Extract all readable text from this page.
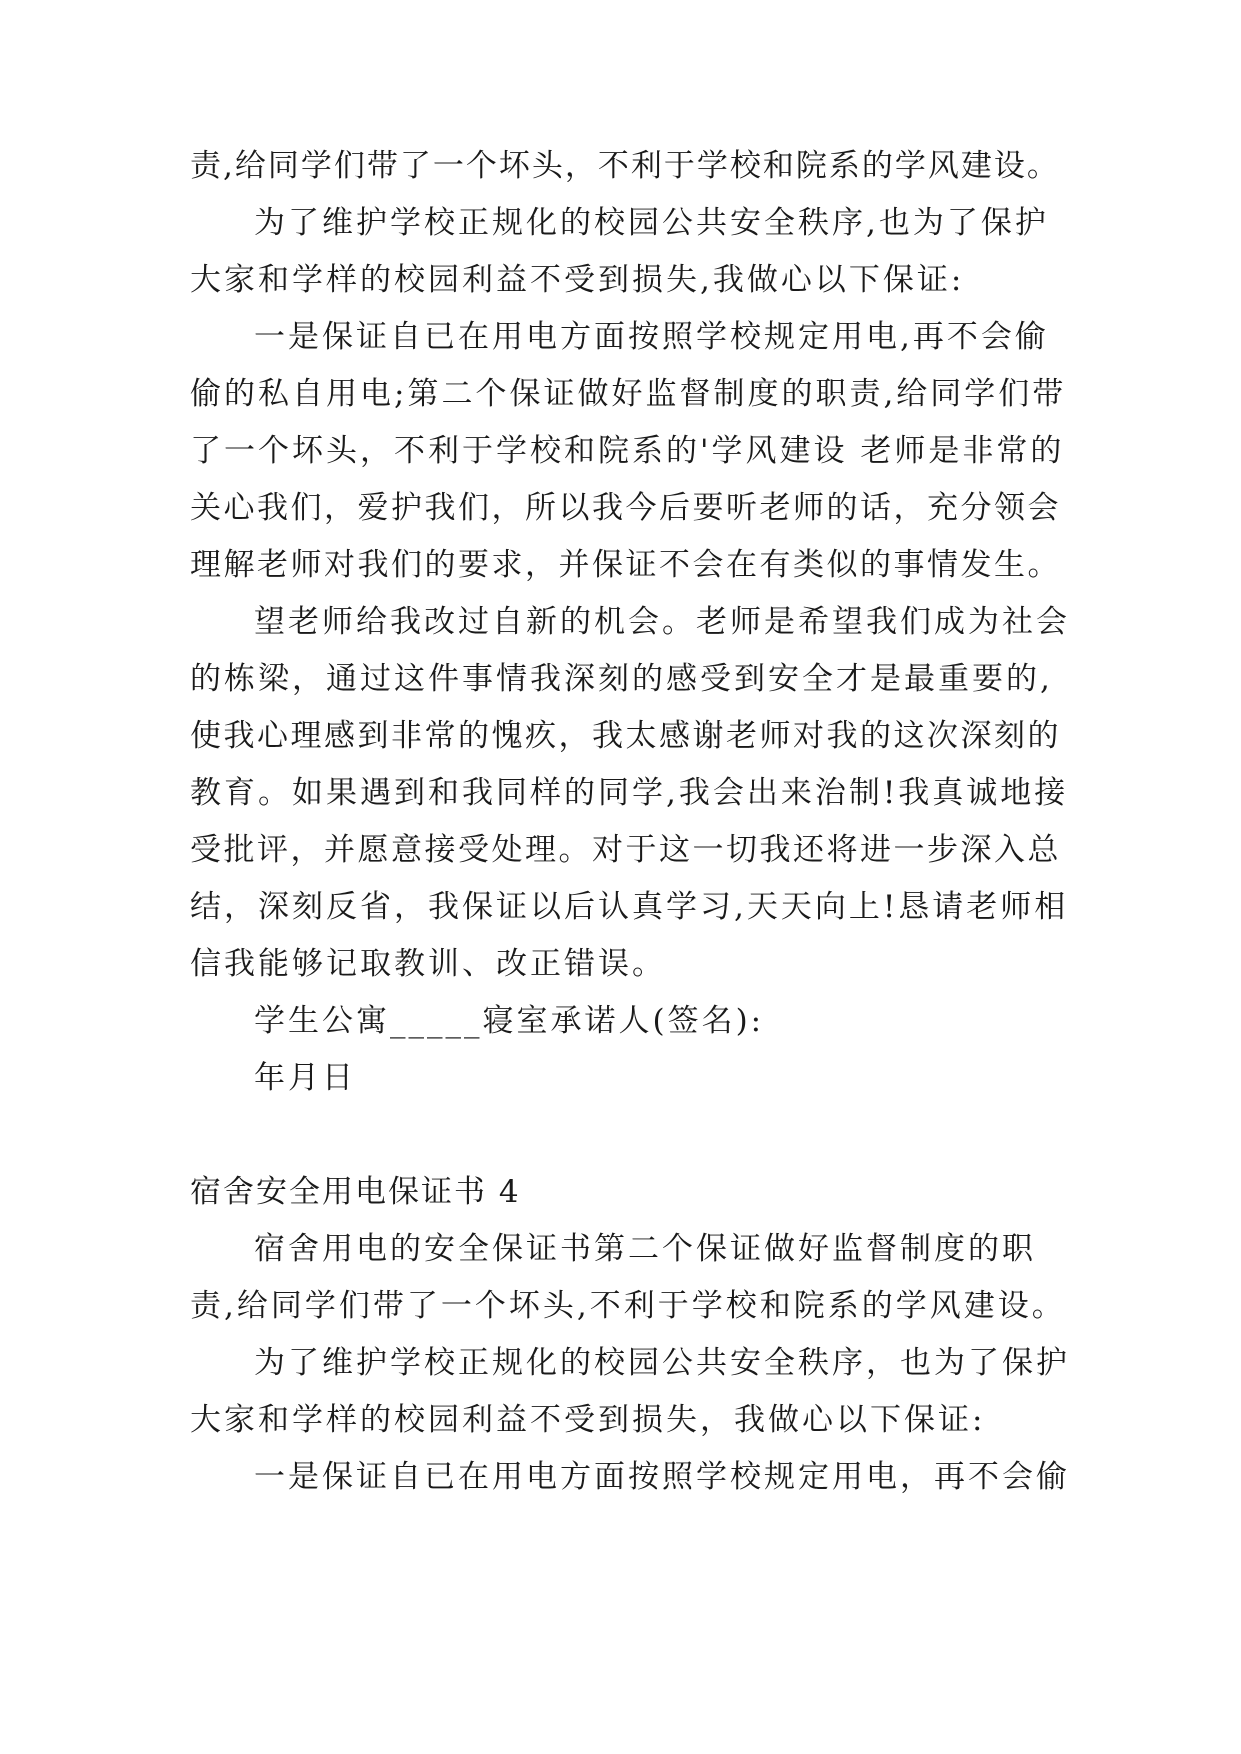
责,给同学们带了一个坏头，不利于学校和院系的学风建设。
为了维护学校正规化的校园公共安全秩序,也为了保护
大家和学样的校园利益不受到损失,我做心以下保证:
一是保证自已在用电方面按照学校规定用电,再不会偷
偷的私自用电;第二个保证做好监督制度的职责,给同学们带
了一个坏头，不利于学校和院系的'学风建设 老师是非常的
关心我们，爱护我们，所以我今后要听老师的话，充分领会
理解老师对我们的要求，并保证不会在有类似的事情发生。
望老师给我改过自新的机会。老师是希望我们成为社会
的栋梁，通过这件事情我深刻的感受到安全才是最重要的,
使我心理感到非常的愧疚，我太感谢老师对我的这次深刻的
教育。如果遇到和我同样的同学,我会出来治制!我真诚地接
受批评，并愿意接受处理。对于这一切我还将进一步深入总
结，深刻反省，我保证以后认真学习,天天向上!恳请老师相
信我能够记取教训、改正错误。
学生公寓_____寝室承诺人(签名):
年月日
宿舍安全用电保证书 4
宿舍用电的安全保证书第二个保证做好监督制度的职
责,给同学们带了一个坏头,不利于学校和院系的学风建设。
为了维护学校正规化的校园公共安全秩序，也为了保护
大家和学样的校园利益不受到损失，我做心以下保证:
一是保证自已在用电方面按照学校规定用电，再不会偷
